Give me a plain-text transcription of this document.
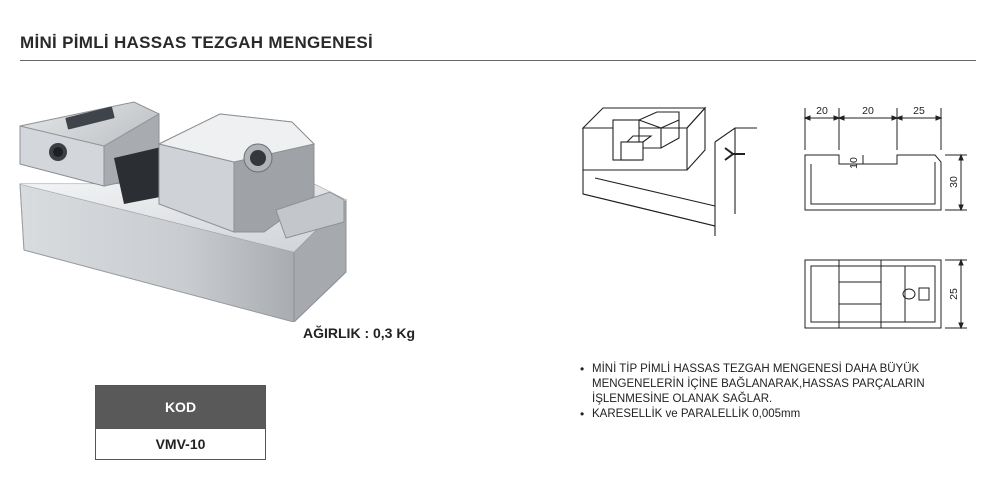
MİNİ PİMLİ HASSAS TEZGAH MENGENESİ
AĞIRLIK : 0,3 Kg
KOD
VMV-10
20	20	25
10
30
25
• MİNİ TİP PİMLİ HASSAS TEZGAH MENGENESİ DAHA BÜYÜK MENGENELERİN İÇİNE BAĞLANARAK,HASSAS PARÇALARIN İŞLENMESİNE OLANAK SAĞLAR.
• KARESELLİK ve PARALELLİK 0,005mm
